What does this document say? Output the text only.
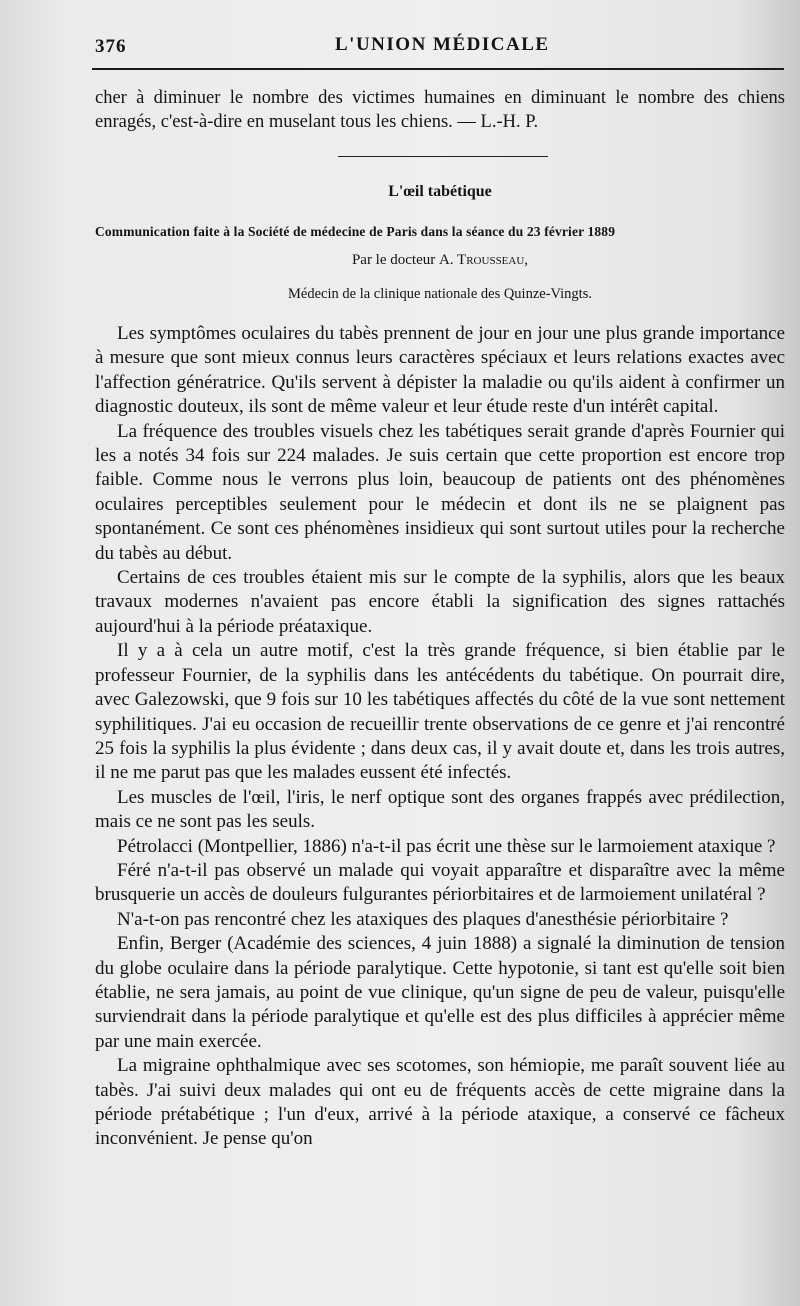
376	L'UNION MÉDICALE
cher à diminuer le nombre des victimes humaines en diminuant le nombre des chiens enragés, c'est-à-dire en muselant tous les chiens. — L.-H. P.
L'œil tabétique
Communication faite à la Société de médecine de Paris dans la séance du 23 février 1889
Par le docteur A. Trousseau,
Médecin de la clinique nationale des Quinze-Vingts.

Les symptômes oculaires du tabès prennent de jour en jour une plus grande importance à mesure que sont mieux connus leurs caractères spéciaux et leurs relations exactes avec l'affection génératrice. Qu'ils servent à dépister la maladie ou qu'ils aident à confirmer un diagnostic douteux, ils sont de même valeur et leur étude reste d'un intérêt capital.

La fréquence des troubles visuels chez les tabétiques serait grande d'après Fournier qui les a notés 34 fois sur 224 malades. Je suis certain que cette proportion est encore trop faible. Comme nous le verrons plus loin, beaucoup de patients ont des phénomènes oculaires perceptibles seulement pour le médecin et dont ils ne se plaignent pas spontanément. Ce sont ces phénomènes insidieux qui sont surtout utiles pour la recherche du tabès au début.

Certains de ces troubles étaient mis sur le compte de la syphilis, alors que les beaux travaux modernes n'avaient pas encore établi la signification des signes rattachés aujourd'hui à la période préataxique.

Il y a à cela un autre motif, c'est la très grande fréquence, si bien établie par le professeur Fournier, de la syphilis dans les antécédents du tabétique. On pourrait dire, avec Galezowski, que 9 fois sur 10 les tabétiques affectés du côté de la vue sont nettement syphilitiques. J'ai eu occasion de recueillir trente observations de ce genre et j'ai rencontré 25 fois la syphilis la plus évidente ; dans deux cas, il y avait doute et, dans les trois autres, il ne me parut pas que les malades eussent été infectés.

Les muscles de l'œil, l'iris, le nerf optique sont des organes frappés avec prédilection, mais ce ne sont pas les seuls.

Pétrolacci (Montpellier, 1886) n'a-t-il pas écrit une thèse sur le larmoiement ataxique ?

Féré n'a-t-il pas observé un malade qui voyait apparaître et disparaître avec la même brusquerie un accès de douleurs fulgurantes périorbitaires et de larmoiement unilatéral ?

N'a-t-on pas rencontré chez les ataxiques des plaques d'anesthésie périorbitaire ?

Enfin, Berger (Académie des sciences, 4 juin 1888) a signalé la diminution de tension du globe oculaire dans la période paralytique. Cette hypotonie, si tant est qu'elle soit bien établie, ne sera jamais, au point de vue clinique, qu'un signe de peu de valeur, puisqu'elle surviendrait dans la période paralytique et qu'elle est des plus difficiles à apprécier même par une main exercée.

La migraine ophthalmique avec ses scotomes, son hémiopie, me paraît souvent liée au tabès. J'ai suivi deux malades qui ont eu de fréquents accès de cette migraine dans la période prétabétique ; l'un d'eux, arrivé à la période ataxique, a conservé ce fâcheux inconvénient. Je pense qu'on
